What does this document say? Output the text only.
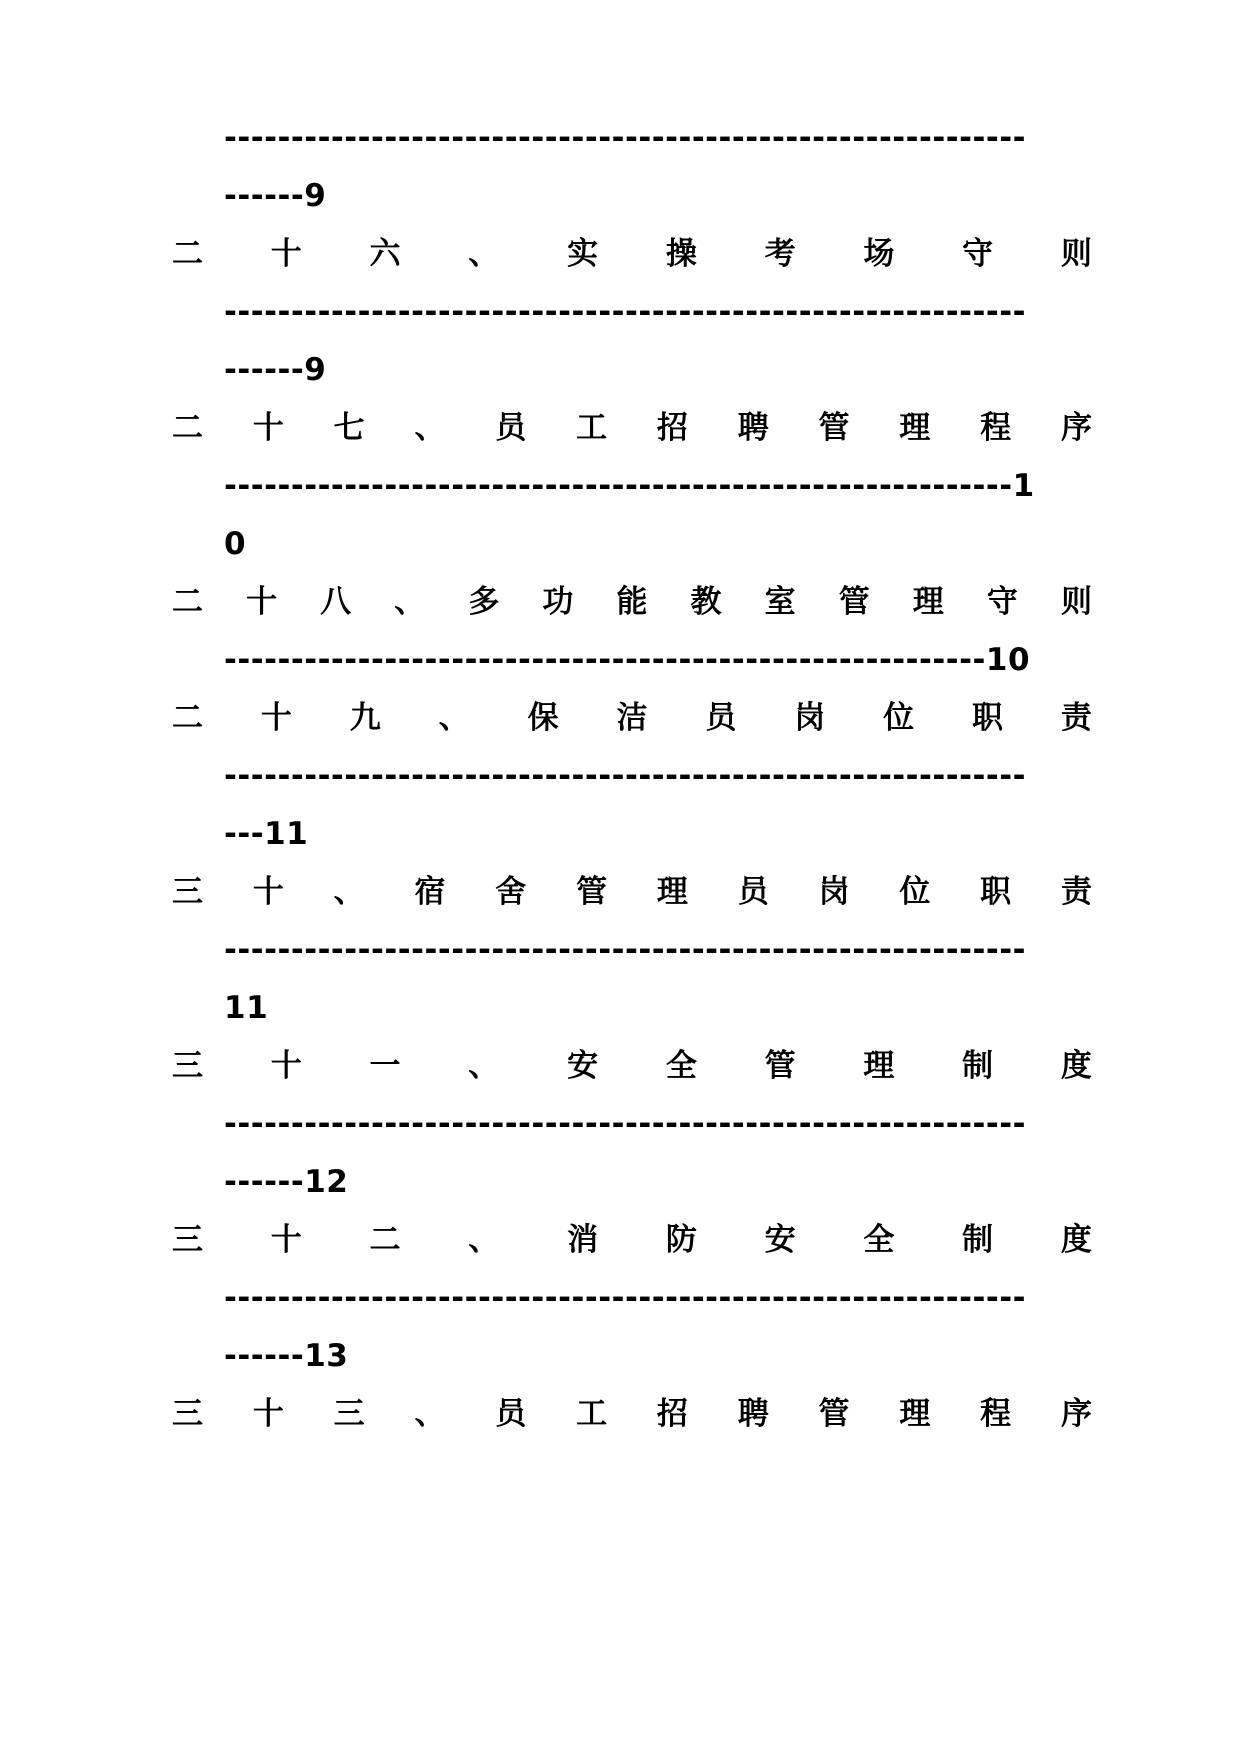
------------------------------------------------------------
------9
二 十 六 、 实 操 考 场 守 则
------------------------------------------------------------
------9
二 十 七 、 员 工 招 聘 管 理 程 序
-----------------------------------------------------------1
0
二 十 八 、 多 功 能 教 室 管 理 守 则
---------------------------------------------------------10
二 十 九 、 保 洁 员 岗 位 职 责
------------------------------------------------------------
---11
三 十 、 宿 舍 管 理 员 岗 位 职 责
------------------------------------------------------------
11
三 十 一 、 安 全 管 理 制 度
------------------------------------------------------------
------12
三 十 二 、 消 防 安 全 制 度
------------------------------------------------------------
------13
三 十 三 、 员 工 招 聘 管 理 程 序
